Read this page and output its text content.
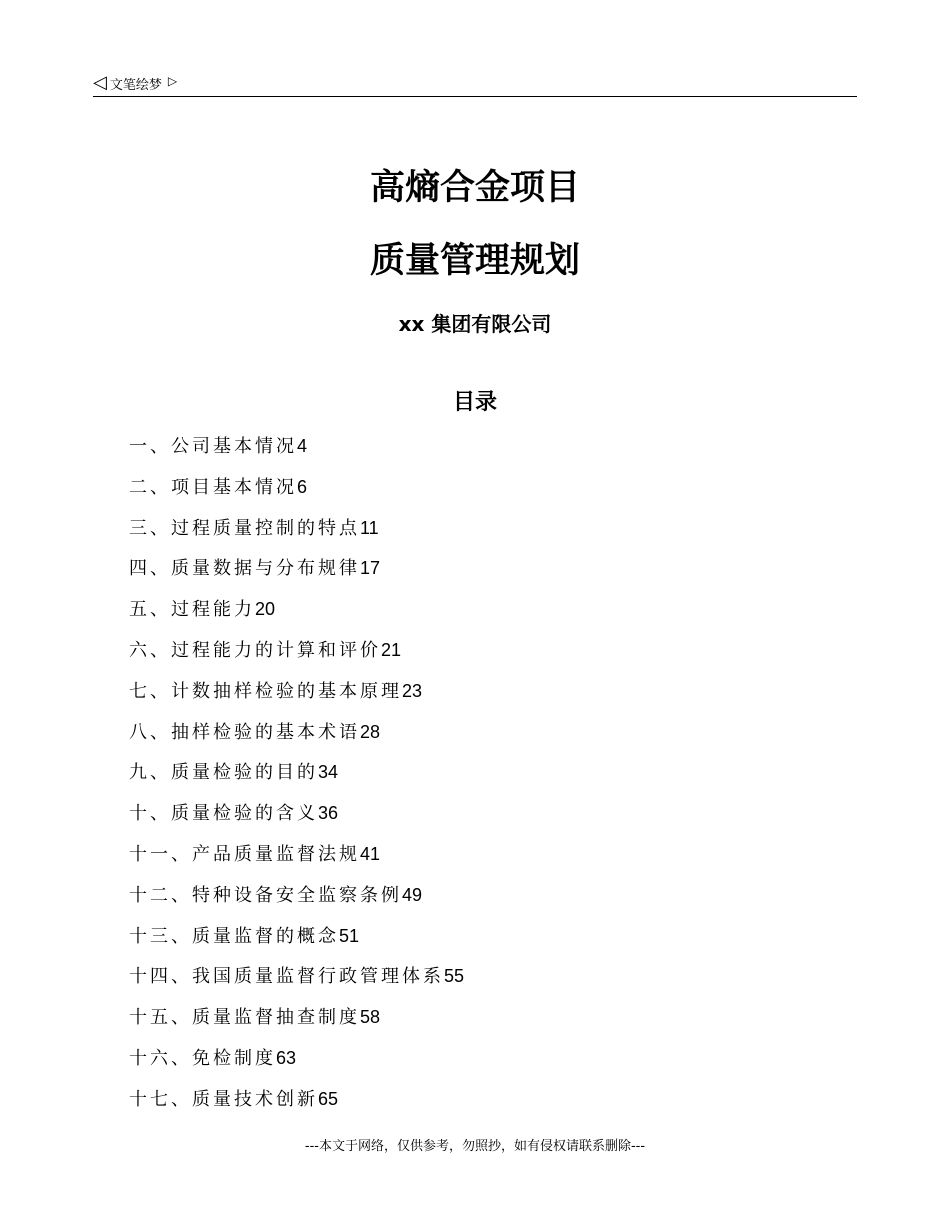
◁ 文笔绘梦 ▷
高熵合金项目
质量管理规划
xx 集团有限公司
目录
一、公司基本情况4
二、项目基本情况6
三、过程质量控制的特点11
四、质量数据与分布规律17
五、过程能力20
六、过程能力的计算和评价21
七、计数抽样检验的基本原理23
八、抽样检验的基本术语28
九、质量检验的目的34
十、质量检验的含义36
十一、产品质量监督法规41
十二、特种设备安全监察条例49
十三、质量监督的概念51
十四、我国质量监督行政管理体系55
十五、质量监督抽查制度58
十六、免检制度63
十七、质量技术创新65
---本文于网络，仅供参考，勿照抄，如有侵权请联系删除---
